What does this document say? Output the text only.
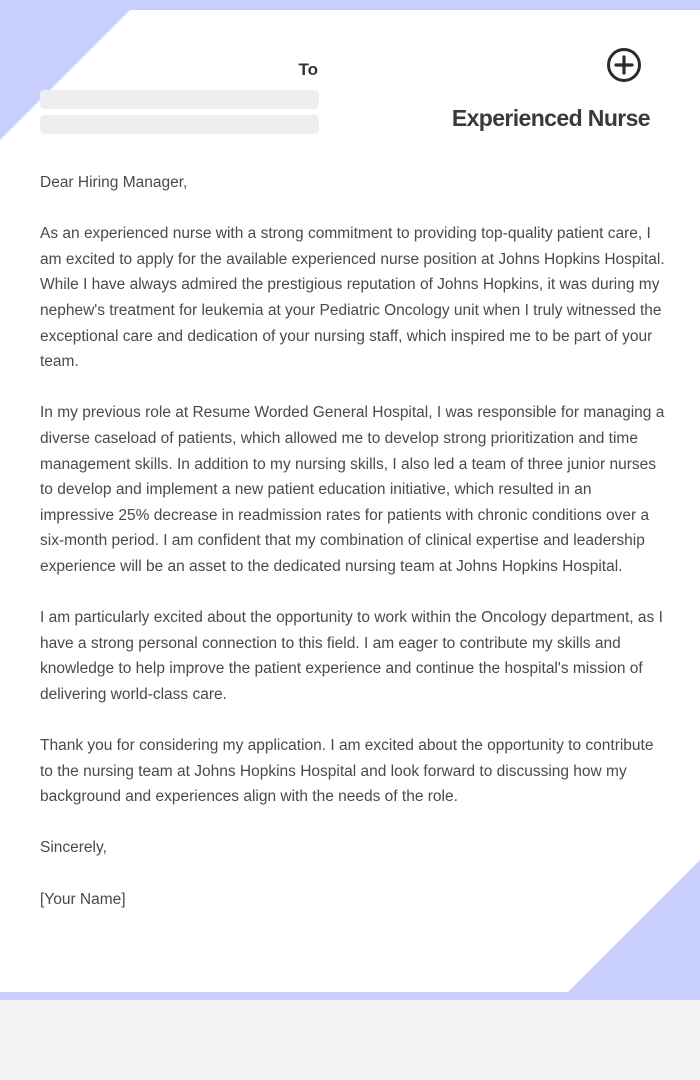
To
Experienced Nurse

Dear Hiring Manager,

As an experienced nurse with a strong commitment to providing top-quality patient care, I am excited to apply for the available experienced nurse position at Johns Hopkins Hospital. While I have always admired the prestigious reputation of Johns Hopkins, it was during my nephew's treatment for leukemia at your Pediatric Oncology unit when I truly witnessed the exceptional care and dedication of your nursing staff, which inspired me to be part of your team.

In my previous role at Resume Worded General Hospital, I was responsible for managing a diverse caseload of patients, which allowed me to develop strong prioritization and time management skills. In addition to my nursing skills, I also led a team of three junior nurses to develop and implement a new patient education initiative, which resulted in an impressive 25% decrease in readmission rates for patients with chronic conditions over a six-month period. I am confident that my combination of clinical expertise and leadership experience will be an asset to the dedicated nursing team at Johns Hopkins Hospital.

I am particularly excited about the opportunity to work within the Oncology department, as I have a strong personal connection to this field. I am eager to contribute my skills and knowledge to help improve the patient experience and continue the hospital's mission of delivering world-class care.

Thank you for considering my application. I am excited about the opportunity to contribute to the nursing team at Johns Hopkins Hospital and look forward to discussing how my background and experiences align with the needs of the role.

Sincerely,

[Your Name]
